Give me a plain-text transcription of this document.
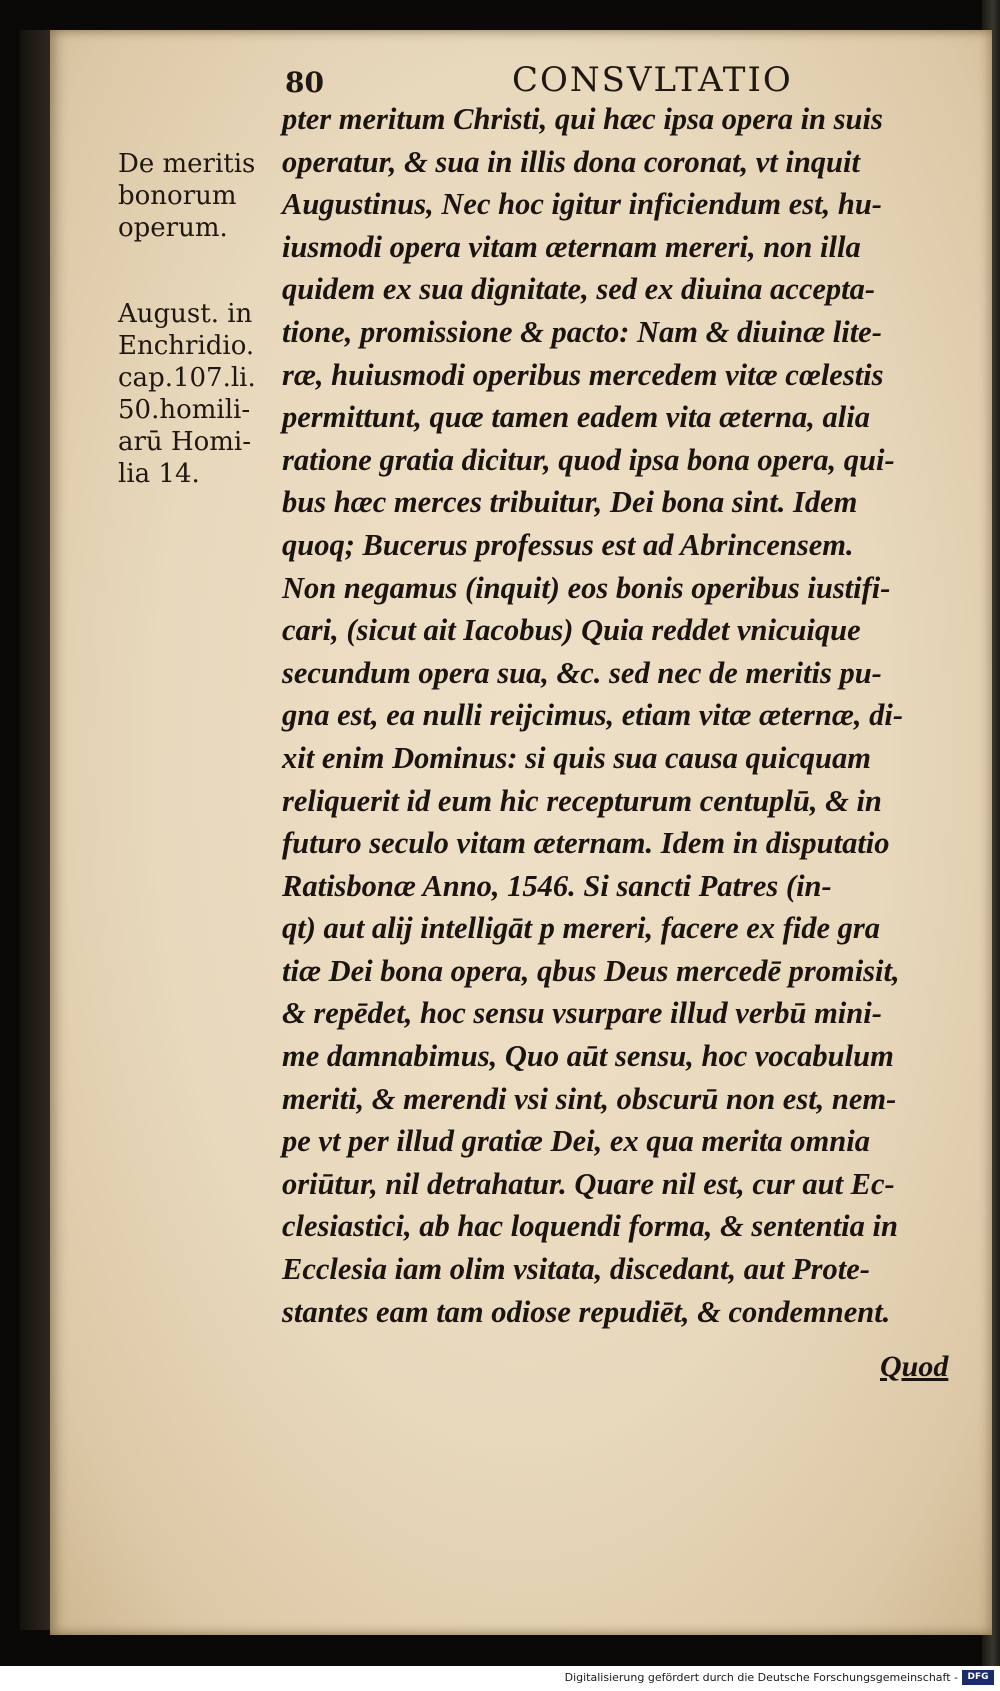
80	CONSVLTATIO
De meritis
bonorum
operum.
August. in
Enchridio.
cap.107.li.
50.homili-
arū Homi-
lia 14.
pter meritum Christi, qui hæc ipsa opera in suis
operatur, & sua in illis dona coronat, vt inquit
Augustinus, Nec hoc igitur inficiendum est, hu-
iusmodi opera vitam æternam mereri, non illa
quidem ex sua dignitate, sed ex diuina accepta-
tione, promissione & pacto: Nam & diuinæ lite-
ræ, huiusmodi operibus mercedem vitæ cœlestis
permittunt, quæ tamen eadem vita æterna, alia
ratione gratia dicitur, quod ipsa bona opera, qui-
bus hæc merces tribuitur, Dei bona sint. Idem
quoq; Bucerus professus est ad Abrincensem.
Non negamus (inquit) eos bonis operibus iustifi-
cari, (sicut ait Iacobus) Quia reddet vnicuique
secundum opera sua, &c. sed nec de meritis pu-
gna est, ea nulli reijcimus, etiam vitæ æternæ, di-
xit enim Dominus: si quis sua causa quicquam
reliquerit id eum hic recepturum centuplū, & in
futuro seculo vitam æternam. Idem in disputatio
Ratisbonæ Anno, 1546. Si sancti Patres (in-
qt) aut alij intelligāt p mereri, facere ex fide gra
tiæ Dei bona opera, qbus Deus mercedē promisit,
& repēdet, hoc sensu vsurpare illud verbū mini-
me damnabimus, Quo aūt sensu, hoc vocabulum
meriti, & merendi vsi sint, obscurū non est, nem-
pe vt per illud gratiæ Dei, ex qua merita omnia
oriūtur, nil detrahatur. Quare nil est, cur aut Ec-
clesiastici, ab hac loquendi forma, & sententia in
Ecclesia iam olim vsitata, discedant, aut Prote-
stantes eam tam odiose repudiēt, & condemnent.
Quod
Digitalisierung gefördert durch die Deutsche Forschungsgemeinschaft -	DFG
